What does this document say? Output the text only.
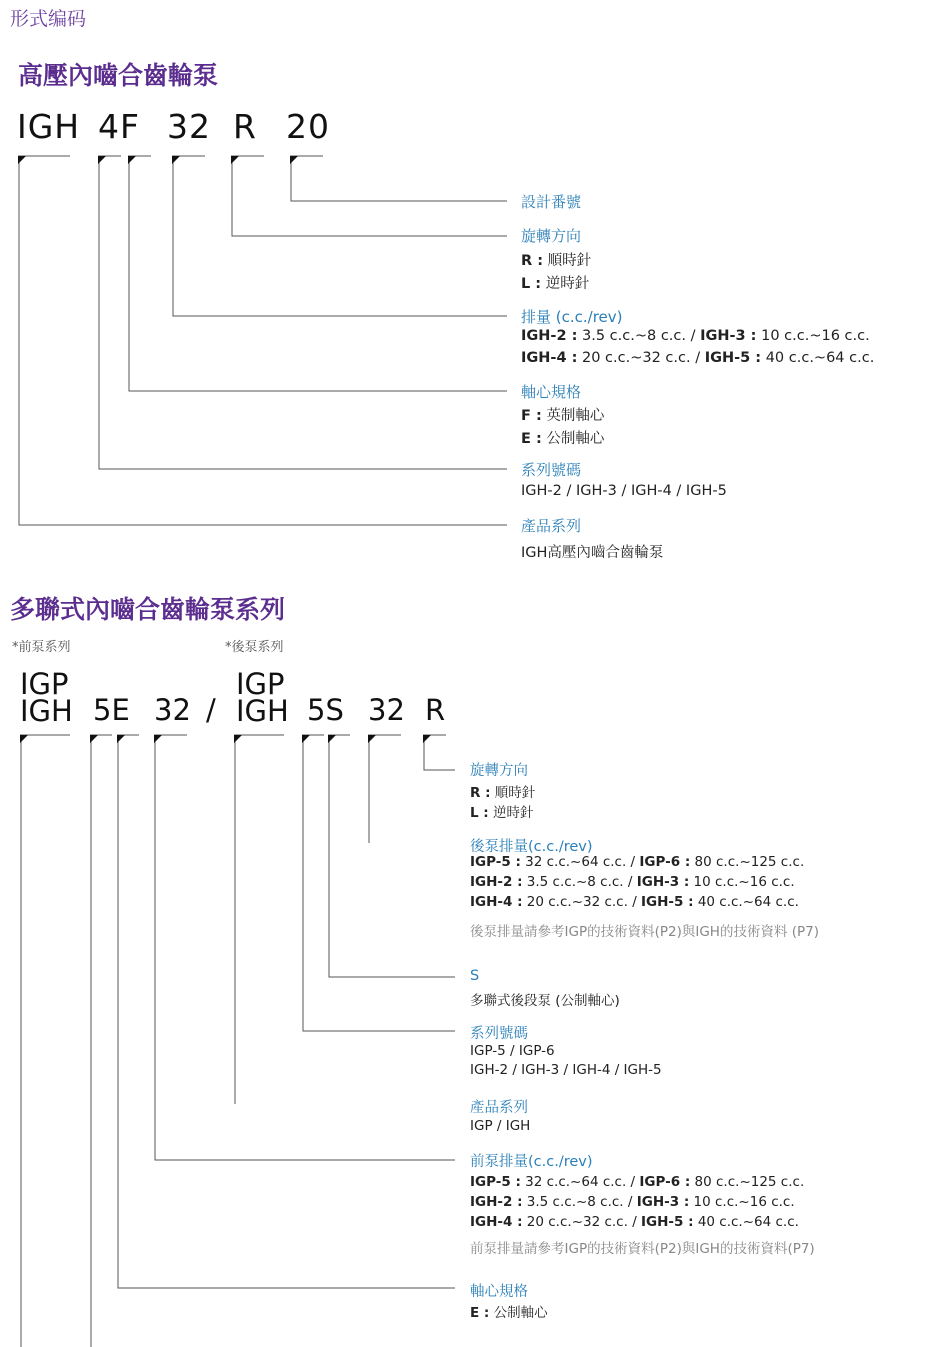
形式编码
高壓內嚙合齒輪泵
IGH 4F 32 R 20
設計番號
旋轉方向
R : 順時針
L : 逆時針
排量 (c.c./rev)
IGH-2 : 3.5 c.c.~8 c.c. / IGH-3 : 10 c.c.~16 c.c.
IGH-4 : 20 c.c.~32 c.c. / IGH-5 : 40 c.c.~64 c.c.
軸心規格
F : 英制軸心
E : 公制軸心
系列號碼
IGH-2 / IGH-3 / IGH-4 / IGH-5
產品系列
IGH高壓內嚙合齒輪泵
多聯式內嚙合齒輪泵系列
*前泵系列	*後泵系列
IGP
IGH 5E 32 /
IGP
IGH 5S 32 R
旋轉方向
R : 順時針
L : 逆時針
後泵排量(c.c./rev)
IGP-5 : 32 c.c.~64 c.c. / IGP-6 : 80 c.c.~125 c.c.
IGH-2 : 3.5 c.c.~8 c.c. / IGH-3 : 10 c.c.~16 c.c.
IGH-4 : 20 c.c.~32 c.c. / IGH-5 : 40 c.c.~64 c.c.
後泵排量請參考IGP的技術資料(P2)與IGH的技術資料 (P7)
S
多聯式後段泵 (公制軸心)
系列號碼
IGP-5 / IGP-6
IGH-2 / IGH-3 / IGH-4 / IGH-5
產品系列
IGP / IGH
前泵排量(c.c./rev)
IGP-5 : 32 c.c.~64 c.c. / IGP-6 : 80 c.c.~125 c.c.
IGH-2 : 3.5 c.c.~8 c.c. / IGH-3 : 10 c.c.~16 c.c.
IGH-4 : 20 c.c.~32 c.c. / IGH-5 : 40 c.c.~64 c.c.
前泵排量請參考IGP的技術資料(P2)與IGH的技術資料(P7)
軸心規格
E : 公制軸心
